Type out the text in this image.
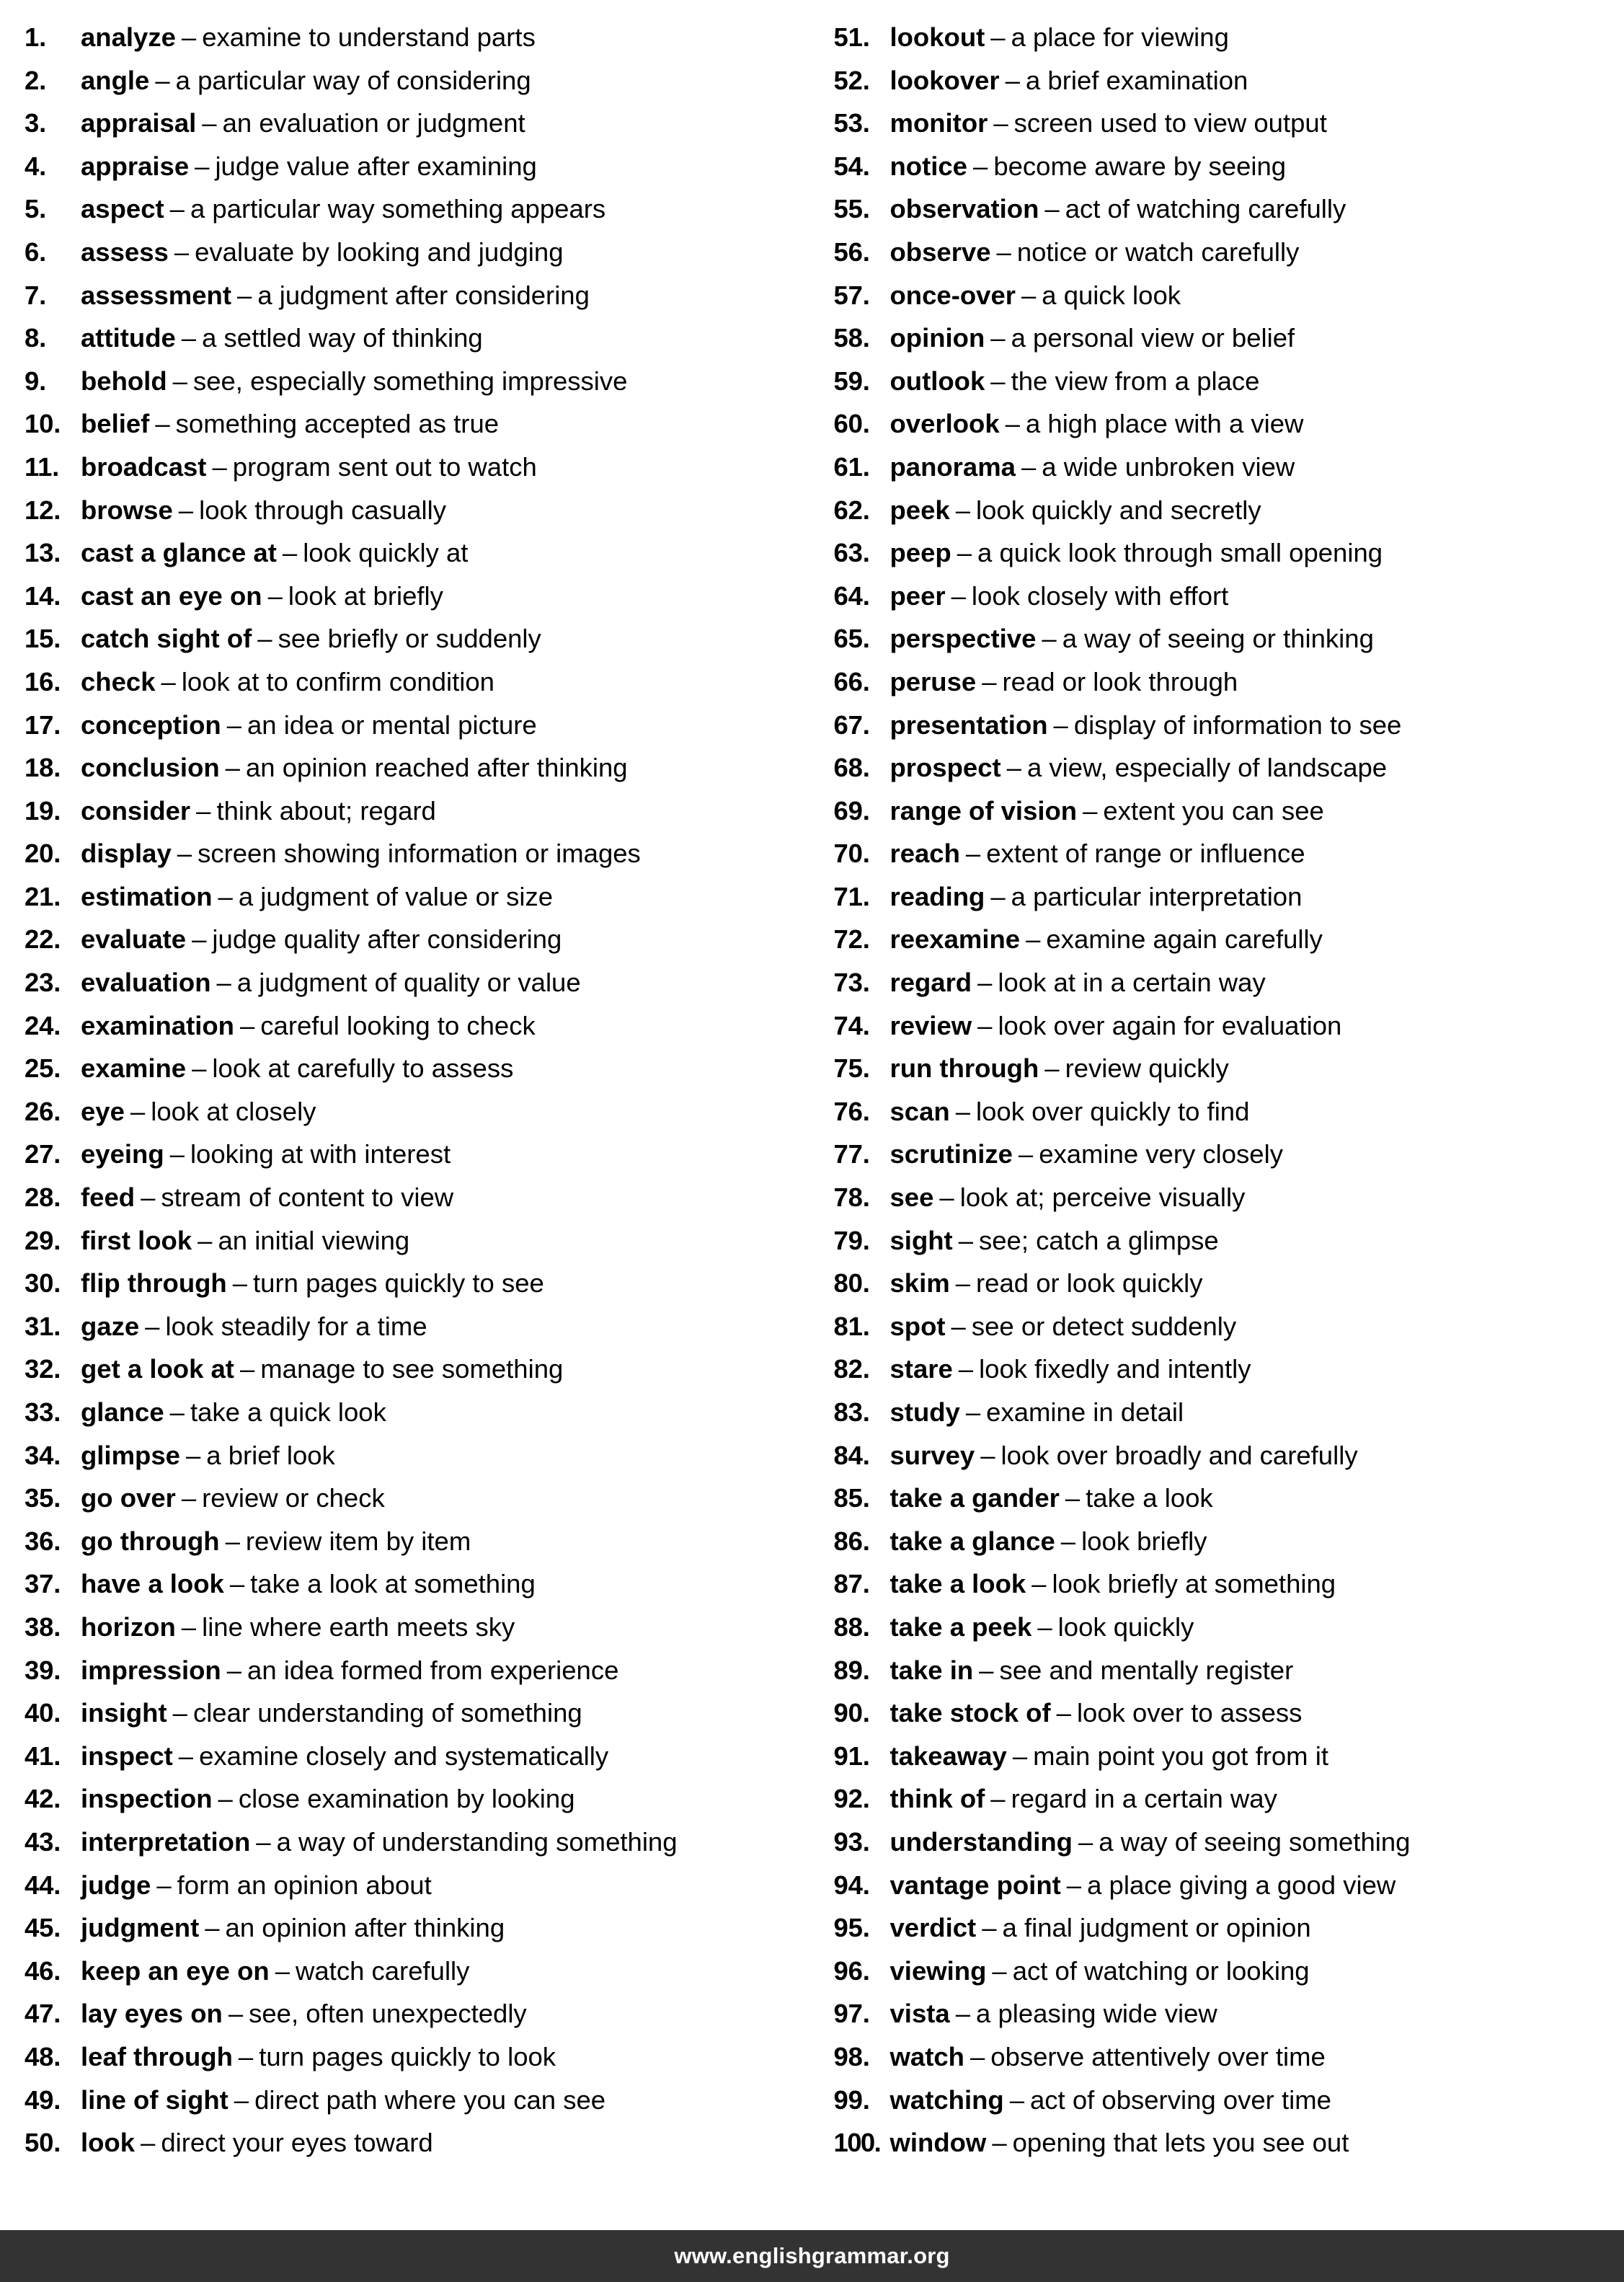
1.	analyze – examine to understand parts
2.	angle – a particular way of considering
3.	appraisal – an evaluation or judgment
4.	appraise – judge value after examining
5.	aspect – a particular way something appears
6.	assess – evaluate by looking and judging
7.	assessment – a judgment after considering
8.	attitude – a settled way of thinking
9.	behold – see, especially something impressive
10. belief – something accepted as true
11. broadcast – program sent out to watch
12. browse – look through casually
13. cast a glance at – look quickly at
14. cast an eye on – look at briefly
15. catch sight of – see briefly or suddenly
16. check – look at to confirm condition
17. conception – an idea or mental picture
18. conclusion – an opinion reached after thinking
19. consider – think about; regard
20. display – screen showing information or images
21. estimation – a judgment of value or size
22. evaluate – judge quality after considering
23. evaluation – a judgment of quality or value
24. examination – careful looking to check
25. examine – look at carefully to assess
26. eye – look at closely
27. eyeing – looking at with interest
28. feed – stream of content to view
29. first look – an initial viewing
30. flip through – turn pages quickly to see
31. gaze – look steadily for a time
32. get a look at – manage to see something
33. glance – take a quick look
34. glimpse – a brief look
35. go over – review or check
36. go through – review item by item
37. have a look – take a look at something
38. horizon – line where earth meets sky
39. impression – an idea formed from experience
40. insight – clear understanding of something
41. inspect – examine closely and systematically
42. inspection – close examination by looking
43. interpretation – a way of understanding something
44. judge – form an opinion about
45. judgment – an opinion after thinking
46. keep an eye on – watch carefully
47. lay eyes on – see, often unexpectedly
48. leaf through – turn pages quickly to look
49. line of sight – direct path where you can see
50. look – direct your eyes toward
51. lookout – a place for viewing
52. lookover – a brief examination
53. monitor – screen used to view output
54. notice – become aware by seeing
55. observation – act of watching carefully
56. observe – notice or watch carefully
57. once-over – a quick look
58. opinion – a personal view or belief
59. outlook – the view from a place
60. overlook – a high place with a view
61. panorama – a wide unbroken view
62. peek – look quickly and secretly
63. peep – a quick look through small opening
64. peer – look closely with effort
65. perspective – a way of seeing or thinking
66. peruse – read or look through
67. presentation – display of information to see
68. prospect – a view, especially of landscape
69. range of vision – extent you can see
70. reach – extent of range or influence
71. reading – a particular interpretation
72. reexamine – examine again carefully
73. regard – look at in a certain way
74. review – look over again for evaluation
75. run through – review quickly
76. scan – look over quickly to find
77. scrutinize – examine very closely
78. see – look at; perceive visually
79. sight – see; catch a glimpse
80. skim – read or look quickly
81. spot – see or detect suddenly
82. stare – look fixedly and intently
83. study – examine in detail
84. survey – look over broadly and carefully
85. take a gander – take a look
86. take a glance – look briefly
87. take a look – look briefly at something
88. take a peek – look quickly
89. take in – see and mentally register
90. take stock of – look over to assess
91. takeaway – main point you got from it
92. think of – regard in a certain way
93. understanding – a way of seeing something
94. vantage point – a place giving a good view
95. verdict – a final judgment or opinion
96. viewing – act of watching or looking
97. vista – a pleasing wide view
98. watch – observe attentively over time
99. watching – act of observing over time
100. window – opening that lets you see out
www.englishgrammar.org
